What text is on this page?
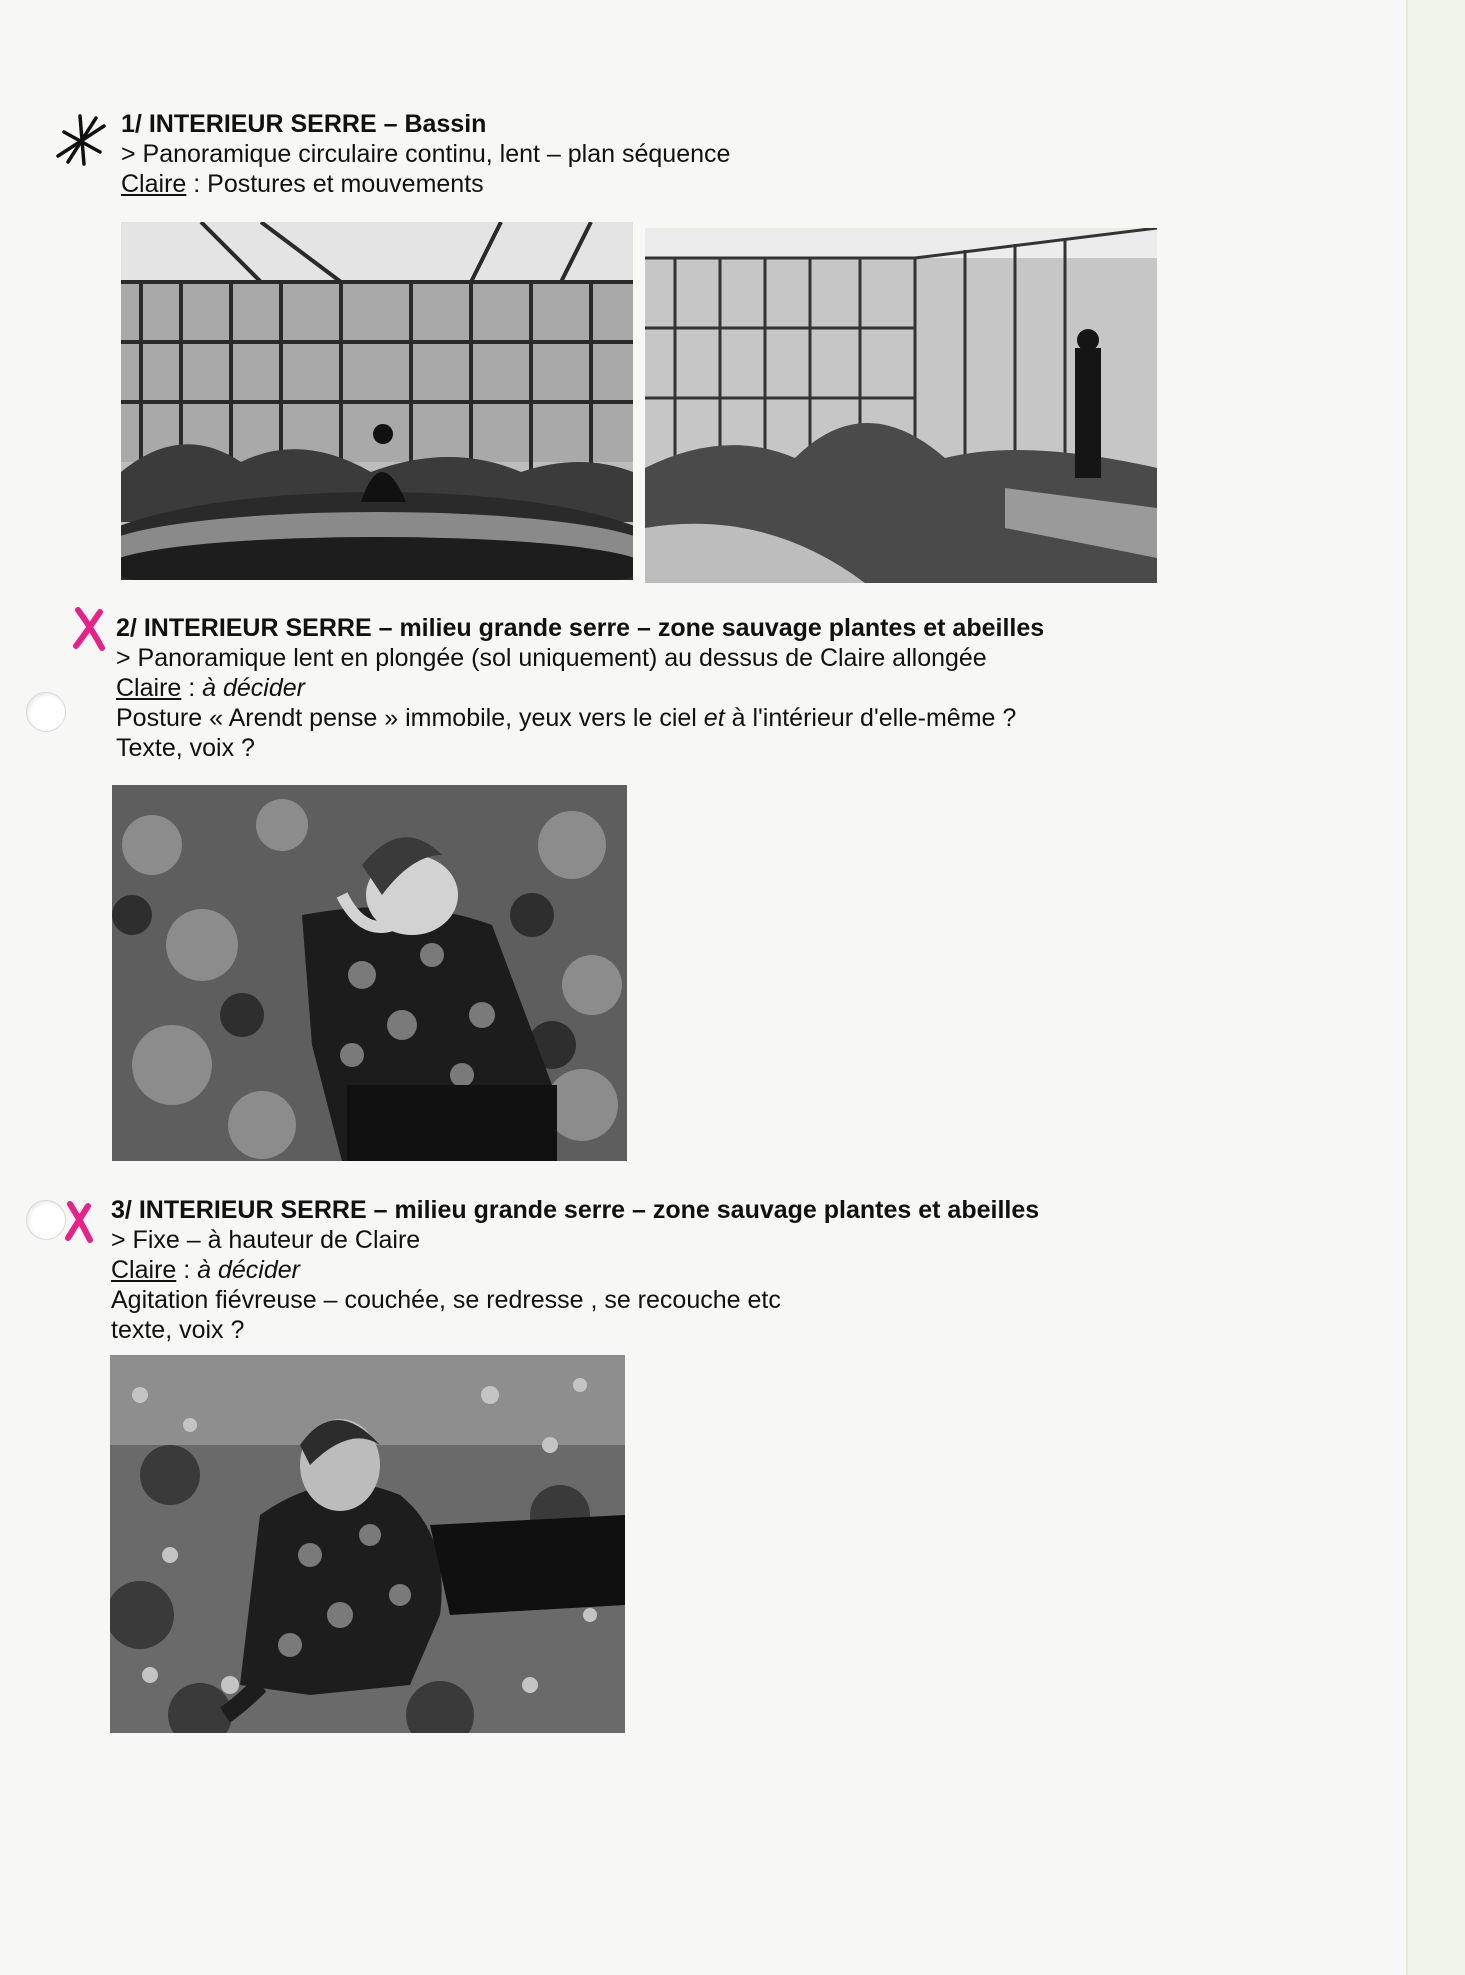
1/ INTERIEUR SERRE – Bassin
> Panoramique circulaire continu, lent – plan séquence
Claire : Postures et mouvements
2/ INTERIEUR SERRE – milieu grande serre – zone sauvage plantes et abeilles
> Panoramique lent en plongée (sol uniquement) au dessus de Claire allongée
Claire : à décider
Posture « Arendt pense » immobile, yeux vers le ciel et à l'intérieur d'elle-même ?
Texte, voix ?
3/ INTERIEUR SERRE – milieu grande serre – zone sauvage plantes et abeilles
> Fixe – à hauteur de Claire
Claire : à décider
Agitation fiévreuse – couchée, se redresse , se recouche etc
texte, voix ?
